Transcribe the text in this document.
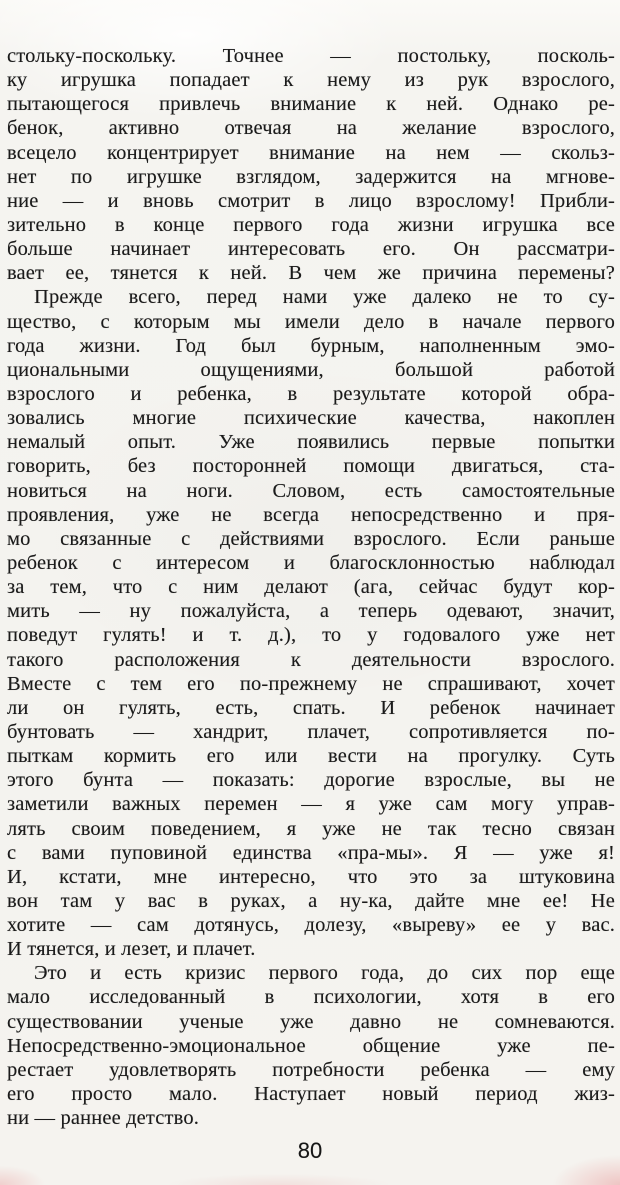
стольку-поскольку. Точнее — постольку, посколь-
ку игрушка попадает к нему из рук взрослого,
пытающегося привлечь внимание к ней. Однако ре-
бенок, активно отвечая на желание взрослого,
всецело концентрирует внимание на нем — скольз-
нет по игрушке взглядом, задержится на мгнове-
ние — и вновь смотрит в лицо взрослому! Прибли-
зительно в конце первого года жизни игрушка все
больше начинает интересовать его. Он рассматри-
вает ее, тянется к ней. В чем же причина перемены?
Прежде всего, перед нами уже далеко не то су-
щество, с которым мы имели дело в начале первого
года жизни. Год был бурным, наполненным эмо-
циональными ощущениями, большой работой
взрослого и ребенка, в результате которой обра-
зовались многие психические качества, накоплен
немалый опыт. Уже появились первые попытки
говорить, без посторонней помощи двигаться, ста-
новиться на ноги. Словом, есть самостоятельные
проявления, уже не всегда непосредственно и пря-
мо связанные с действиями взрослого. Если раньше
ребенок с интересом и благосклонностью наблюдал
за тем, что с ним делают (ага, сейчас будут кор-
мить — ну пожалуйста, а теперь одевают, значит,
поведут гулять! и т. д.), то у годовалого уже нет
такого расположения к деятельности взрослого.
Вместе с тем его по-прежнему не спрашивают, хочет
ли он гулять, есть, спать. И ребенок начинает
бунтовать — хандрит, плачет, сопротивляется по-
пыткам кормить его или вести на прогулку. Суть
этого бунта — показать: дорогие взрослые, вы не
заметили важных перемен — я уже сам могу управ-
лять своим поведением, я уже не так тесно связан
с вами пуповиной единства «пра-мы». Я — уже я!
И, кстати, мне интересно, что это за штуковина
вон там у вас в руках, а ну-ка, дайте мне ее! Не
хотите — сам дотянусь, долезу, «выреву» ее у вас.
И тянется, и лезет, и плачет.
Это и есть кризис первого года, до сих пор еще
мало исследованный в психологии, хотя в его
существовании ученые уже давно не сомневаются.
Непосредственно-эмоциональное общение уже пе-
рестает удовлетворять потребности ребенка — ему
его просто мало. Наступает новый период жиз-
ни — раннее детство.
80
